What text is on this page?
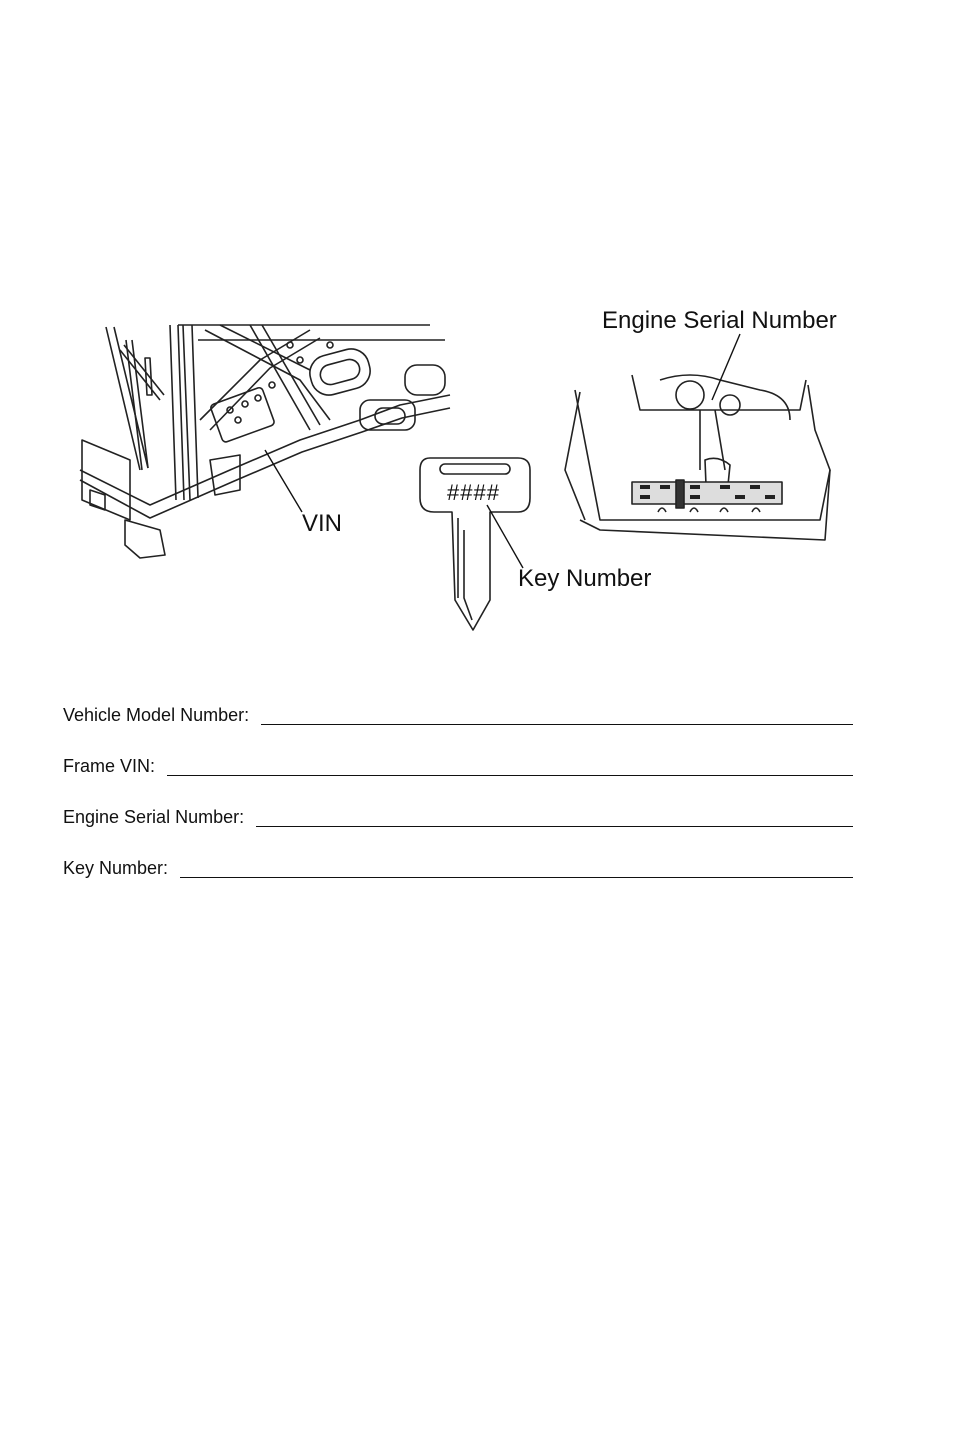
Engine Serial Number
VIN
Key Number
####
Vehicle Model Number:
Frame VIN:
Engine Serial Number:
Key Number:
